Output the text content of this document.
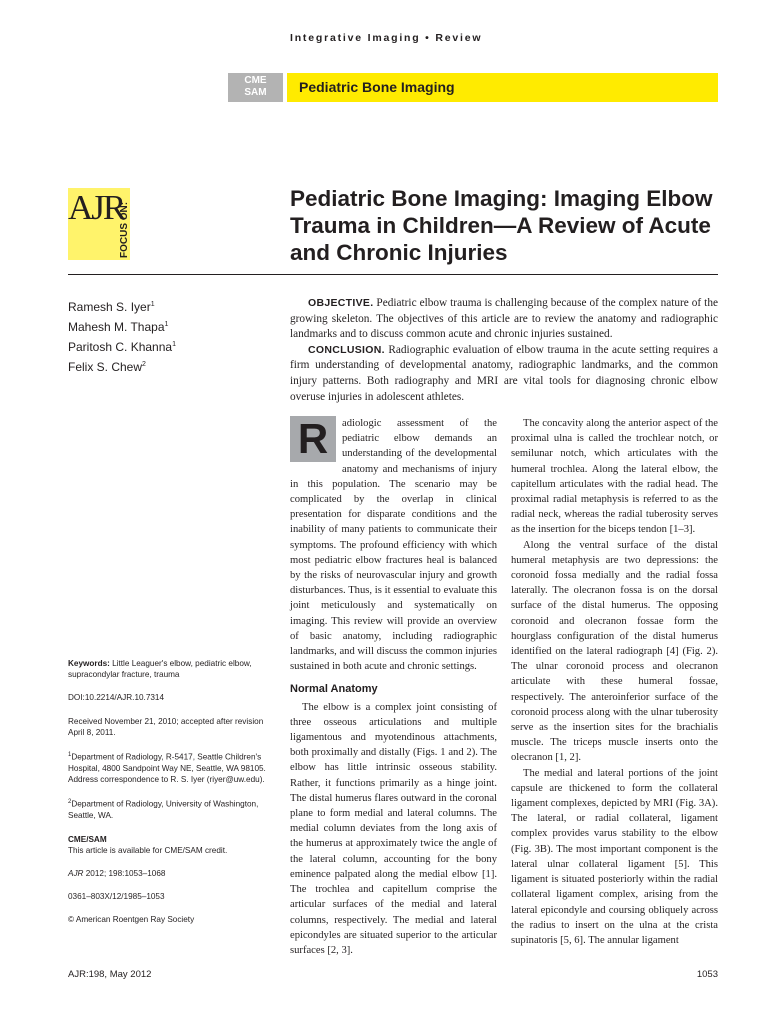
Integrative Imaging • Review
CME
SAM	Pediatric Bone Imaging
AJR
FOCUS ON:
Pediatric Bone Imaging: Imaging Elbow Trauma in Children—A Review of Acute and Chronic Injuries
Ramesh S. Iyer$^1$
Mahesh M. Thapa$^1$
Paritosh C. Khanna$^1$
Felix S. Chew$^2$

OBJECTIVE. Pediatric elbow trauma is challenging because of the complex nature of the growing skeleton. The objectives of this article are to review the anatomy and radiographic landmarks and to discuss common acute and chronic injuries sustained.

CONCLUSION. Radiographic evaluation of elbow trauma in the acute setting requires a firm understanding of developmental anatomy, radiographic landmarks, and the common injury patterns. Both radiography and MRI are vital tools for diagnosing chronic elbow overuse injuries in adolescent athletes.

R	adiologic assessment of the pediatric elbow demands an understanding of the developmental anatomy and mechanisms of injury in this population. The scenario may be complicated by the overlap in clinical presentation for disparate conditions and the inability of many patients to communicate their symptoms. The profound efficiency with which most pediatric elbow fractures heal is balanced by the risks of neurovascular injury and growth disturbances. Thus, is it essential to evaluate this joint meticulously and systematically on imaging. This review will provide an overview of basic anatomy, including radiographic landmarks, and will discuss the common injuries sustained in both acute and chronic settings.

Normal Anatomy

The elbow is a complex joint consisting of three osseous articulations and multiple ligamentous and myotendinous attachments, both proximally and distally (Figs. 1 and 2). The elbow has little intrinsic osseous stability. Rather, it functions primarily as a hinge joint. The distal humerus flares outward in the coronal plane to form medial and lateral columns. The medial column deviates from the long axis of the humerus at approximately twice the angle of the lateral column, accounting for the bony eminence palpated along the medial elbow [1]. The trochlea and capitellum comprise the articular surfaces of the medial and lateral columns, respectively. The medial and lateral epicondyles are situated superior to the articular surfaces [2, 3].

The concavity along the anterior aspect of the proximal ulna is called the trochlear notch, or semilunar notch, which articulates with the humeral trochlea. Along the lateral elbow, the capitellum articulates with the radial head. The proximal radial metaphysis is referred to as the radial neck, whereas the radial tuberosity serves as the insertion for the biceps tendon [1–3].

Along the ventral surface of the distal humeral metaphysis are two depressions: the coronoid fossa medially and the radial fossa laterally. The olecranon fossa is on the dorsal surface of the distal humerus. The opposing coronoid and olecranon fossae form the hourglass configuration of the distal humerus identified on the lateral radiograph [4] (Fig. 2). The ulnar coronoid process and olecranon articulate with these humeral fossae, respectively. The anteroinferior surface of the coronoid process along with the ulnar tuberosity serve as the insertion sites for the brachialis muscle. The triceps muscle inserts onto the olecranon [1, 2].

The medial and lateral portions of the joint capsule are thickened to form the collateral ligament complexes, depicted by MRI (Fig. 3A). The lateral, or radial collateral, ligament complex provides varus stability to the elbow (Fig. 3B). The most important component is the lateral ulnar collateral ligament [5]. This ligament is situated posteriorly within the radial collateral ligament complex, arising from the lateral epicondyle and coursing obliquely across the radius to insert on the ulna at the crista supinatoris [5, 6]. The annular ligament

Keywords: Little Leaguer's elbow, pediatric elbow, supracondylar fracture, trauma
DOI:10.2214/AJR.10.7314
Received November 21, 2010; accepted after revision April 8, 2011.
$^1$Department of Radiology, R-5417, Seattle Children's Hospital, 4800 Sandpoint Way NE, Seattle, WA 98105. Address correspondence to R. S. Iyer (riyer@uw.edu).
$^2$Department of Radiology, University of Washington, Seattle, WA.
CME/SAM
This article is available for CME/SAM credit.
AJR 2012; 198:1053–1068
0361–803X/12/1985–1053
© American Roentgen Ray Society
AJR:198, May 2012	1053
